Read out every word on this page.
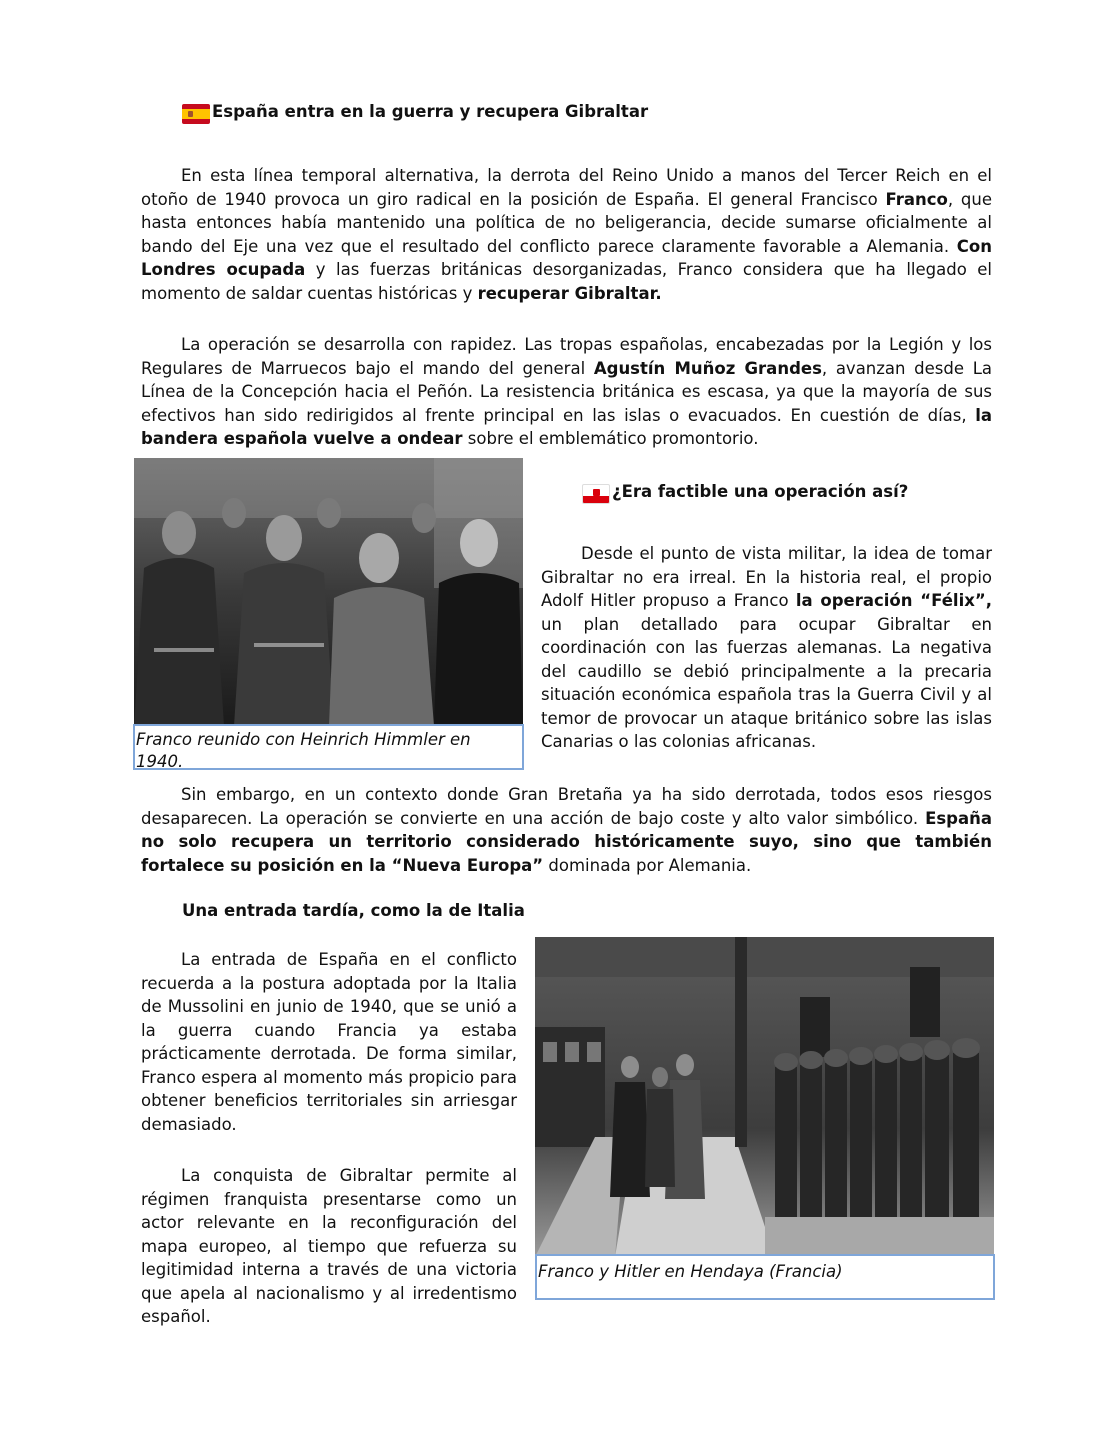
España entra en la guerra y recupera Gibraltar

En esta línea temporal alternativa, la derrota del Reino Unido a manos del Tercer Reich en el otoño de 1940 provoca un giro radical en la posición de España. El general Francisco Franco, que hasta entonces había mantenido una política de no beligerancia, decide sumarse oficialmente al bando del Eje una vez que el resultado del conflicto parece claramente favorable a Alemania. Con Londres ocupada y las fuerzas británicas desorganizadas, Franco considera que ha llegado el momento de saldar cuentas históricas y recuperar Gibraltar.

La operación se desarrolla con rapidez. Las tropas españolas, encabezadas por la Legión y los Regulares de Marruecos bajo el mando del general Agustín Muñoz Grandes, avanzan desde La Línea de la Concepción hacia el Peñón. La resistencia británica es escasa, ya que la mayoría de sus efectivos han sido redirigidos al frente principal en las islas o evacuados. En cuestión de días, la bandera española vuelve a ondear sobre el emblemático promontorio.

Franco reunido con Heinrich Himmler en 1940.
¿Era factible una operación así?

Desde el punto de vista militar, la idea de tomar Gibraltar no era irreal. En la historia real, el propio Adolf Hitler propuso a Franco la operación “Félix”, un plan detallado para ocupar Gibraltar en coordinación con las fuerzas alemanas. La negativa del caudillo se debió principalmente a la precaria situación económica española tras la Guerra Civil y al temor de provocar un ataque británico sobre las islas Canarias o las colonias africanas.

Sin embargo, en un contexto donde Gran Bretaña ya ha sido derrotada, todos esos riesgos desaparecen. La operación se convierte en una acción de bajo coste y alto valor simbólico. España no solo recupera un territorio considerado históricamente suyo, sino que también fortalece su posición en la “Nueva Europa” dominada por Alemania.

Una entrada tardía, como la de Italia

La entrada de España en el conflicto recuerda a la postura adoptada por la Italia de Mussolini en junio de 1940, que se unió a la guerra cuando Francia ya estaba prácticamente derrotada. De forma similar, Franco espera al momento más propicio para obtener beneficios territoriales sin arriesgar demasiado.

La conquista de Gibraltar permite al régimen franquista presentarse como un actor relevante en la reconfiguración del mapa europeo, al tiempo que refuerza su legitimidad interna a través de una victoria que apela al nacionalismo y al irredentismo español.

Franco y Hitler en Hendaya (Francia)
